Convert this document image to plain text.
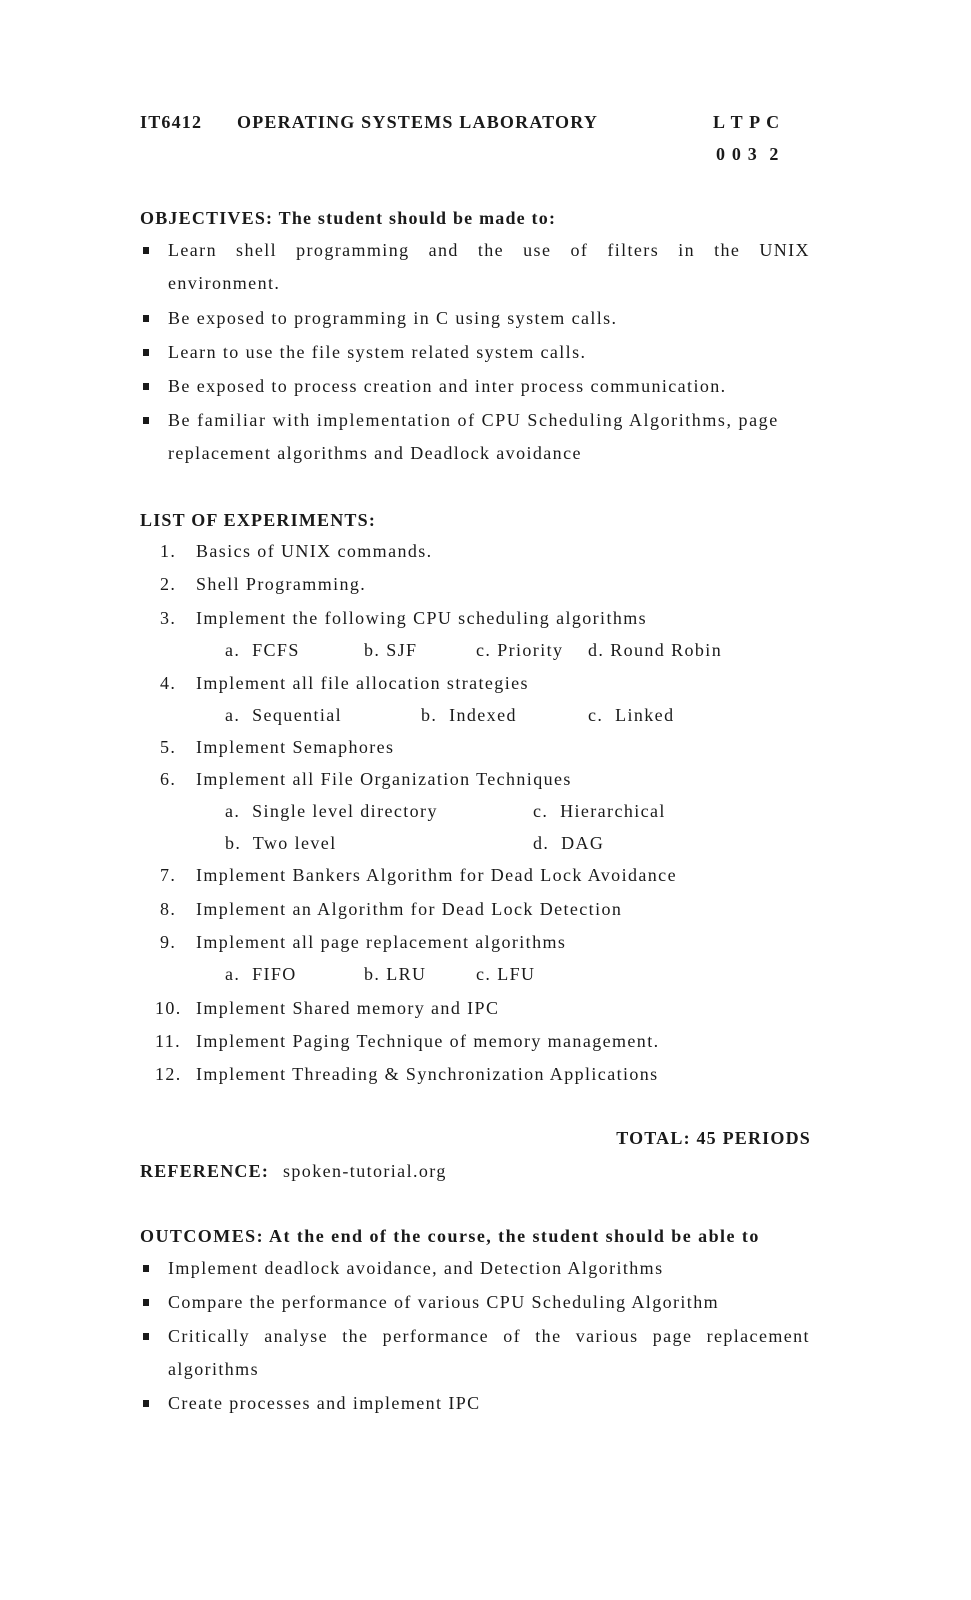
IT6412 OPERATING SYSTEMS LABORATORY	L T P C
0 0 3  2
OBJECTIVES: The student should be made to:
Learn shell programming and the use of filters in the UNIX
environment.
Be exposed to programming in C using system calls.
Learn to use the file system related system calls.
Be exposed to process creation and inter process communication.
Be familiar with implementation of CPU Scheduling Algorithms, page
replacement algorithms and Deadlock avoidance
LIST OF EXPERIMENTS:
1. Basics of UNIX commands.
2. Shell Programming.
3. Implement the following CPU scheduling algorithms
a.  FCFS	b. SJF	c. Priority d. Round Robin
4. Implement all file allocation strategies
a.  Sequential	b.  Indexed	c.  Linked
5. Implement Semaphores
6. Implement all File Organization Techniques
a.  Single level directory	c.  Hierarchical
b.  Two level	d.  DAG
7. Implement Bankers Algorithm for Dead Lock Avoidance
8. Implement an Algorithm for Dead Lock Detection
9. Implement all page replacement algorithms
a.  FIFO	b. LRU	c. LFU
10. Implement Shared memory and IPC
11. Implement Paging Technique of memory management.
12. Implement Threading & Synchronization Applications
TOTAL: 45 PERIODS
REFERENCE: spoken-tutorial.org
OUTCOMES: At the end of the course, the student should be able to
Implement deadlock avoidance, and Detection Algorithms
Compare the performance of various CPU Scheduling Algorithm
Critically analyse the performance of the various page replacement
algorithms
Create processes and implement IPC
